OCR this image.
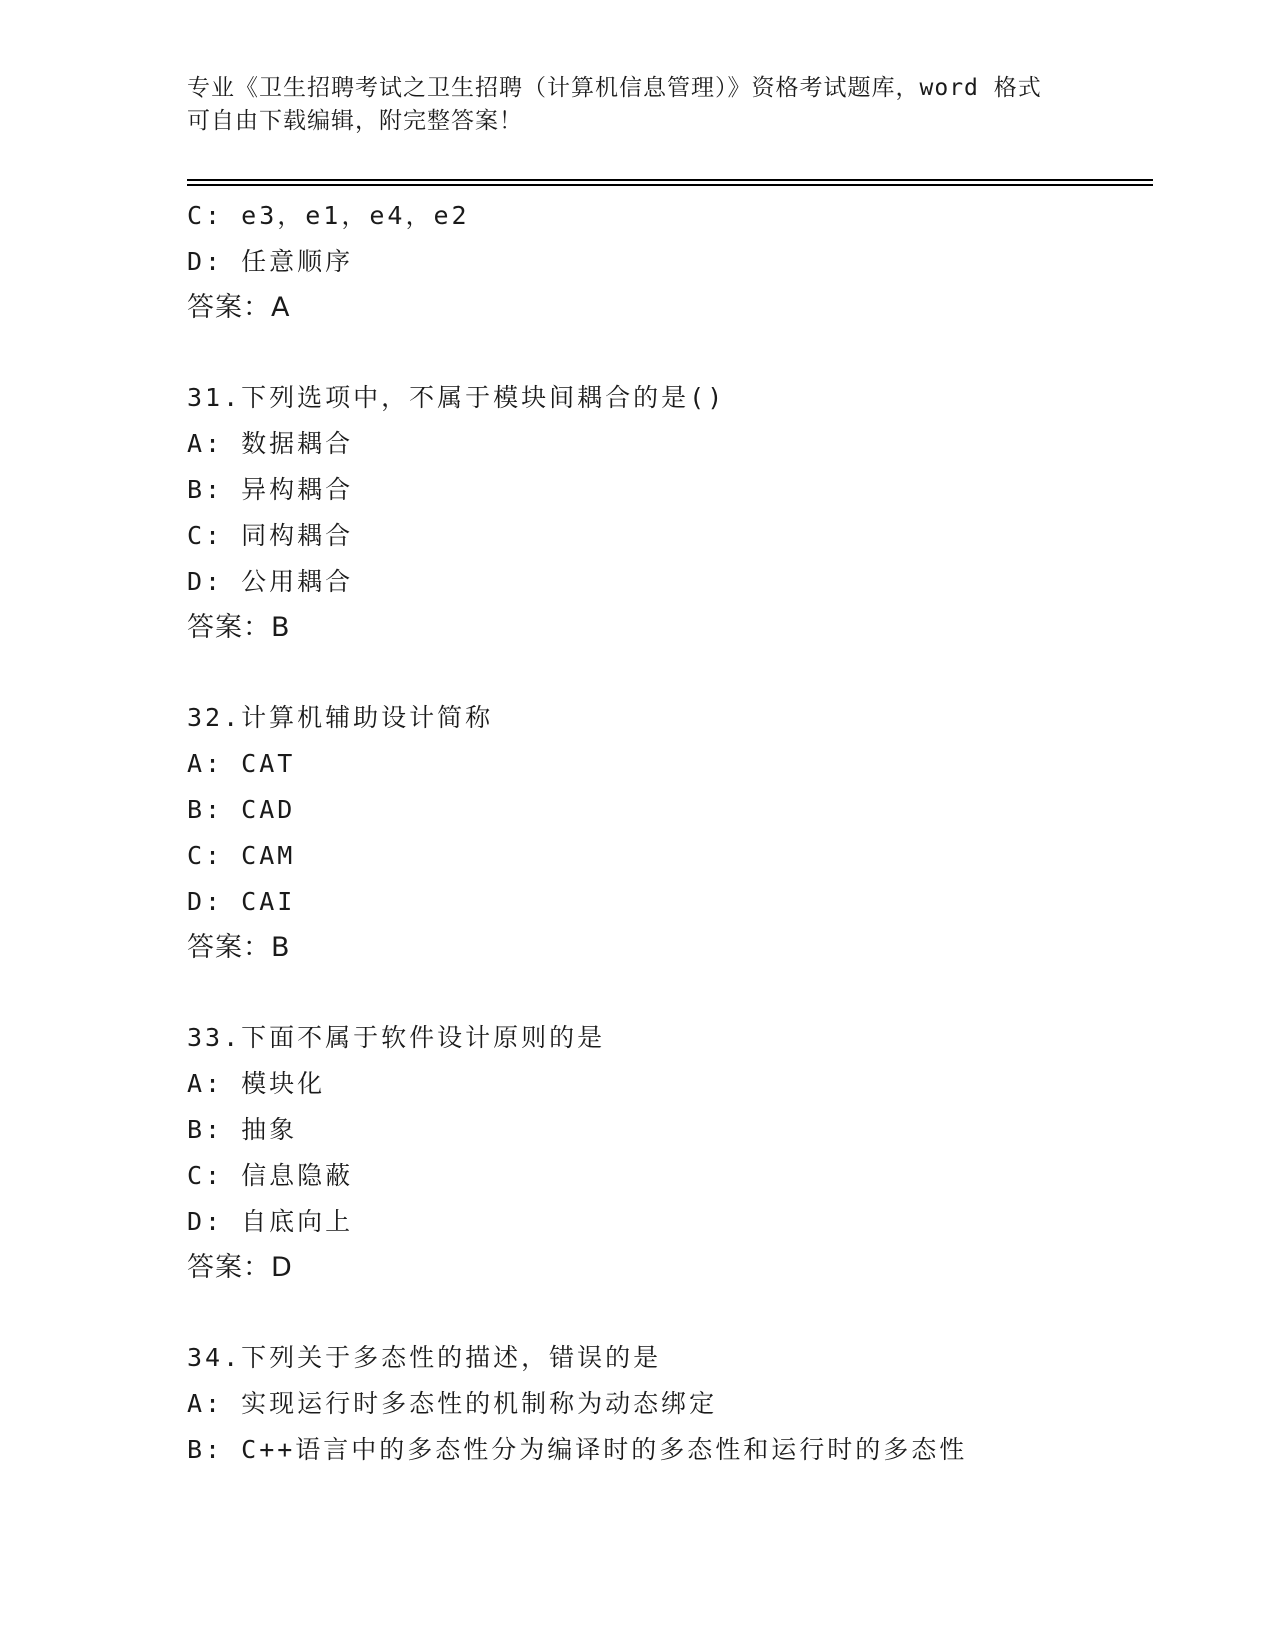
专业《卫生招聘考试之卫生招聘（计算机信息管理）》资格考试题库，word 格式
可自由下载编辑，附完整答案！
C: e3，e1，e4，e2
D: 任意顺序
答案：A
31.下列选项中，不属于模块间耦合的是()
A: 数据耦合
B: 异构耦合
C: 同构耦合
D: 公用耦合
答案：B
32.计算机辅助设计简称
A: CAT
B: CAD
C: CAM
D: CAI
答案：B
33.下面不属于软件设计原则的是
A: 模块化
B: 抽象
C: 信息隐蔽
D: 自底向上
答案：D
34.下列关于多态性的描述，错误的是
A: 实现运行时多态性的机制称为动态绑定
B: C++语言中的多态性分为编译时的多态性和运行时的多态性
